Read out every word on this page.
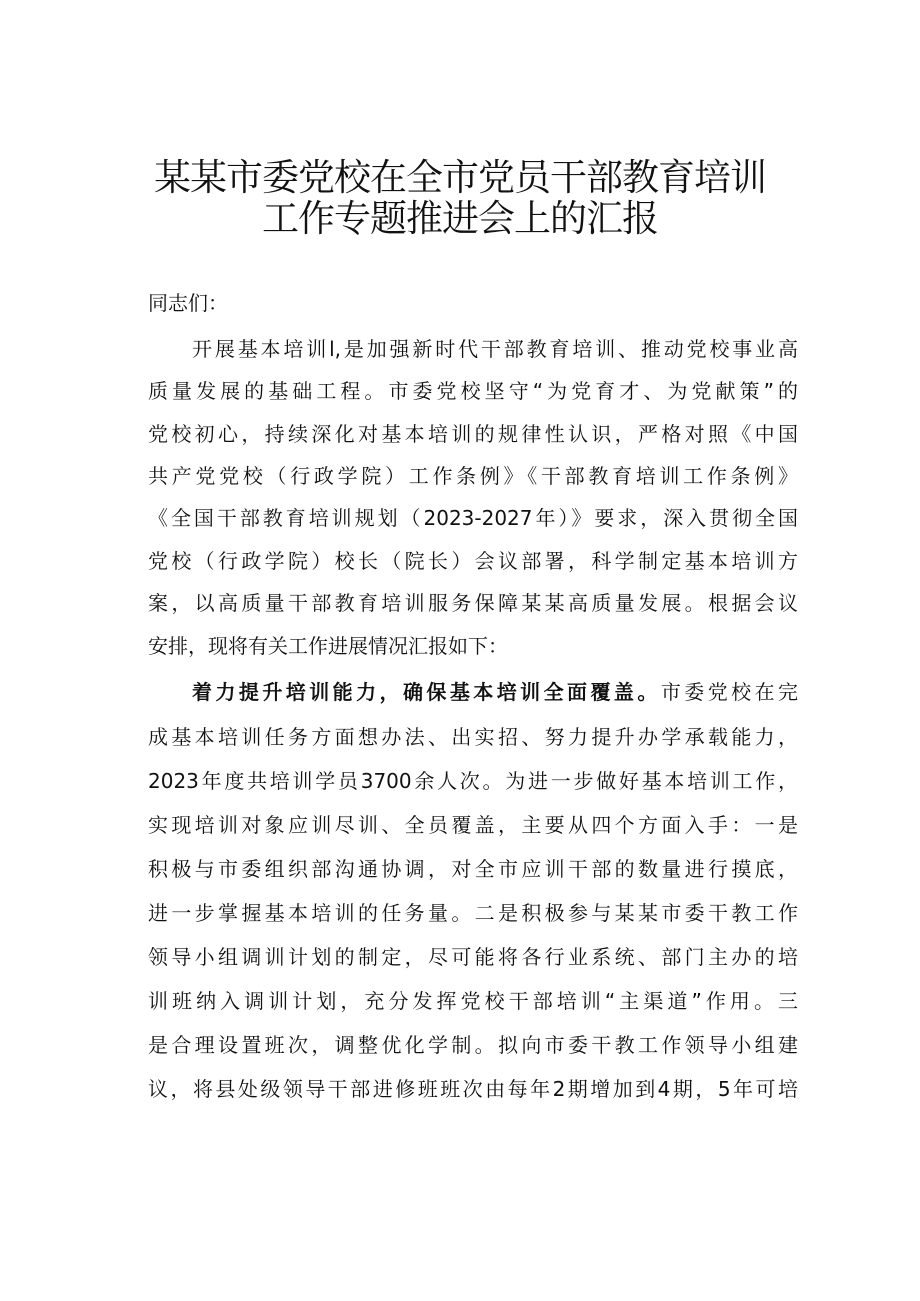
某某市委党校在全市党员干部教育培训
工作专题推进会上的汇报
同志们：
开展基本培训l,是加强新时代干部教育培训、推动党校事业高
质量发展的基础工程。市委党校坚守“为党育才、为党献策”的
党校初心，持续深化对基本培训的规律性认识，严格对照《中国
共产党党校（行政学院）工作条例》《干部教育培训工作条例》
《全国干部教育培训规划（2023-2027年）》要求，深入贯彻全国
党校（行政学院）校长（院长）会议部署，科学制定基本培训方
案，以高质量干部教育培训服务保障某某高质量发展。根据会议
安排，现将有关工作进展情况汇报如下：
着力提升培训能力，确保基本培训全面覆盖。市委党校在完
成基本培训任务方面想办法、出实招、努力提升办学承载能力，
2023年度共培训学员3700余人次。为进一步做好基本培训工作，
实现培训对象应训尽训、全员覆盖，主要从四个方面入手：一是
积极与市委组织部沟通协调，对全市应训干部的数量进行摸底，
进一步掌握基本培训的任务量。二是积极参与某某市委干教工作
领导小组调训计划的制定，尽可能将各行业系统、部门主办的培
训班纳入调训计划，充分发挥党校干部培训“主渠道”作用。三
是合理设置班次，调整优化学制。拟向市委干教工作领导小组建
议，将县处级领导干部进修班班次由每年2期增加到4期，5年可培
